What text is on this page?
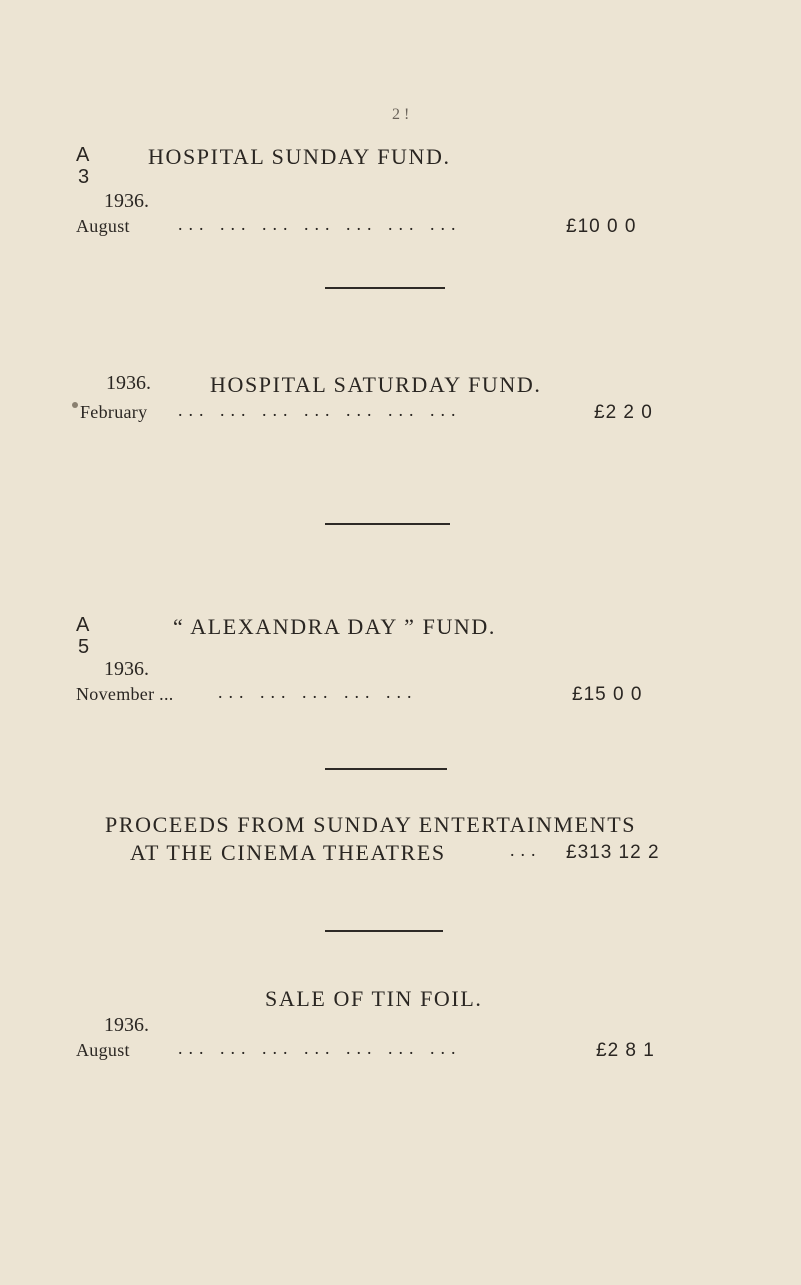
2 !
A
3
HOSPITAL SUNDAY FUND.
1936.
August	... ... ... ... ... ... ...	£10 0 0
1936.	HOSPITAL SATURDAY FUND.
February ... ... ... ... ... ... ...	£2 2 0
A
5
“ ALEXANDRA DAY ” FUND.
1936.
November ... ... ... ... ... ...	£15 0 0
PROCEEDS FROM SUNDAY ENTERTAINMENTS
AT THE CINEMA THEATRES	... £313 12 2
SALE OF TIN FOIL.
1936.
August	... ... ... ... ... ... ...	£2 8 1
